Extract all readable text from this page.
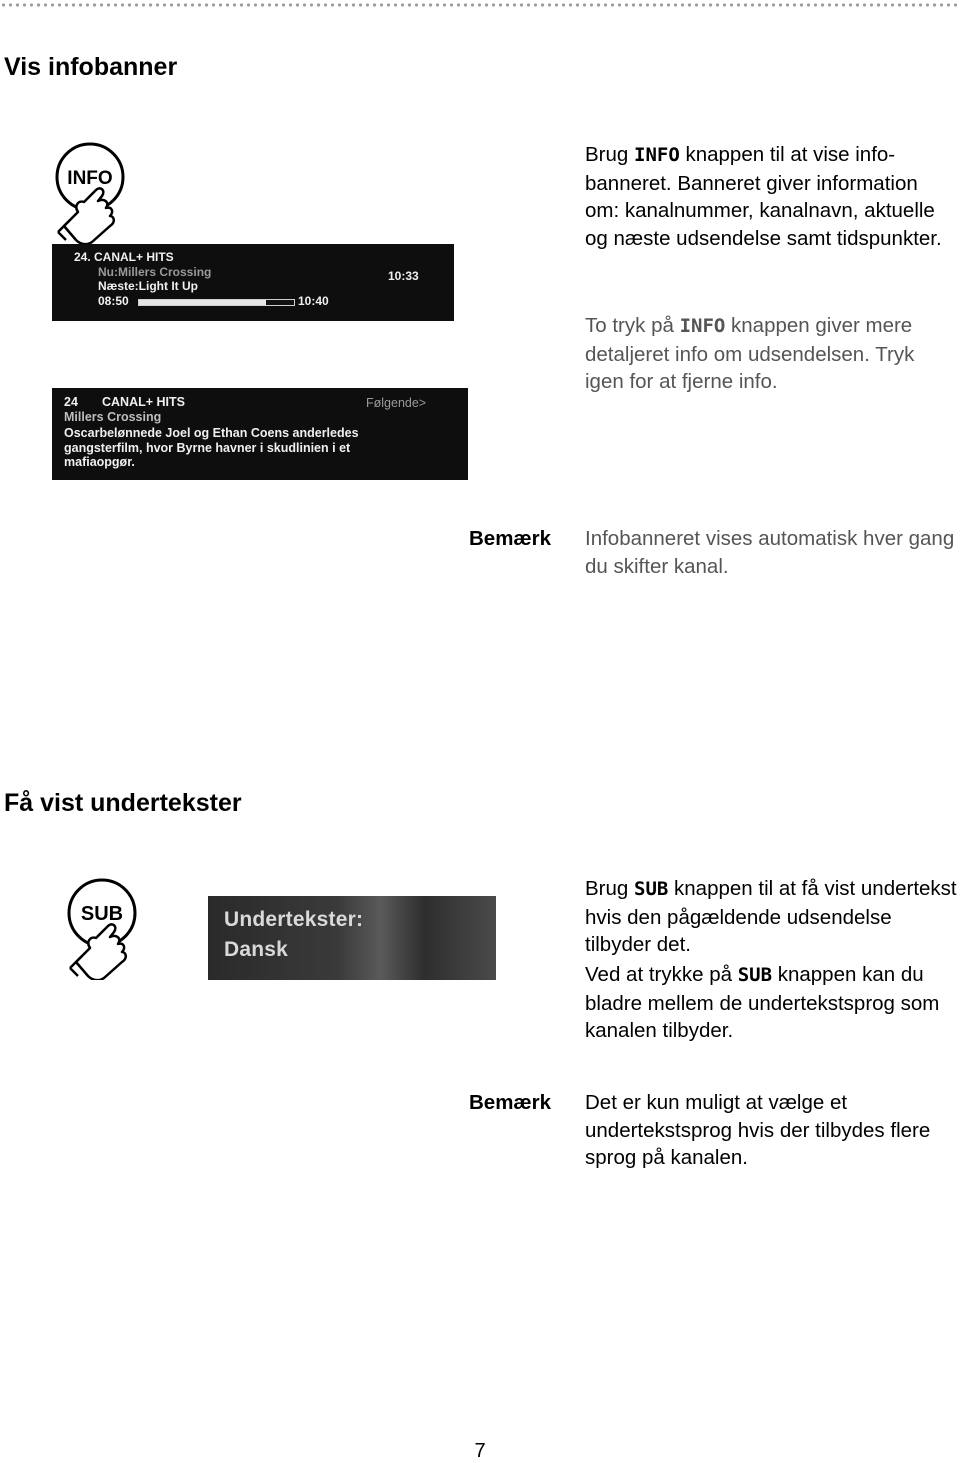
Vis infobanner
INFO
24. CANAL+ HITS
Nu:Millers Crossing
Næste:Light It Up
10:33
08:50	10:40
24 CANAL+ HITS	Følgende>
Millers Crossing
Oscarbelønnede Joel og Ethan Coens anderledes
gangsterfilm, hvor Byrne havner i skudlinien i et
mafiaopgør.
Brug INFO knappen til at vise info-banneret. Banneret giver information om: kanalnummer, kanalnavn, aktuelle og næste udsendelse samt tidspunkter.
To tryk på INFO knappen giver mere detaljeret info om udsendelsen. Tryk igen for at fjerne info.
Bemærk Infobanneret vises automatisk hver gang du skifter kanal.
Få vist undertekster
SUB	Undertekster:
Dansk
Brug SUB knappen til at få vist undertekst hvis den pågældende udsendelse tilbyder det.
Ved at trykke på SUB knappen kan du bladre mellem de undertekstsprog som kanalen tilbyder.
Bemærk Det er kun muligt at vælge et undertekstsprog hvis der tilbydes flere sprog på kanalen.
7
